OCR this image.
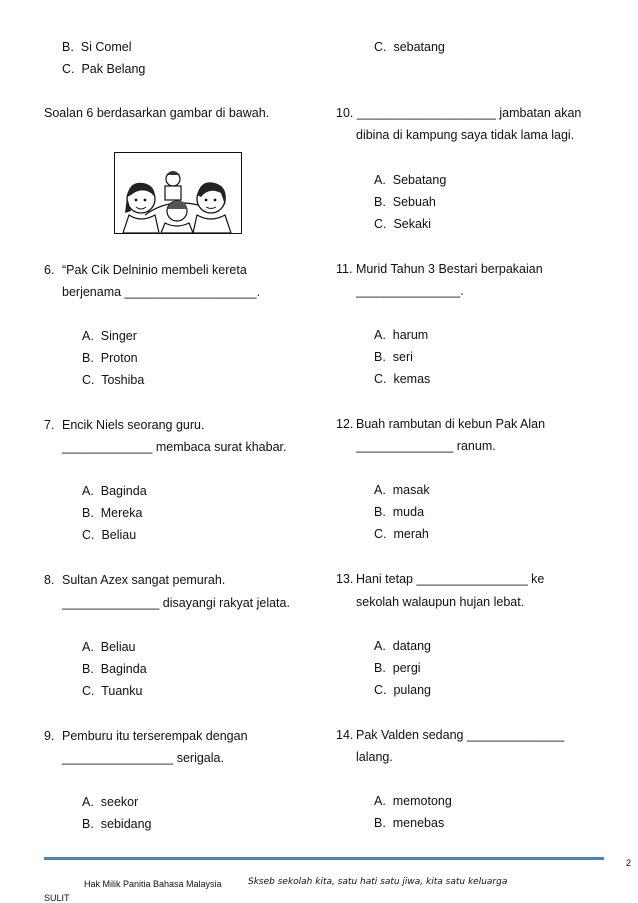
B. Si Comel
C. Pak Belang
Soalan 6 berdasarkan gambar di bawah.
6. “Pak Cik Delninio membeli kereta
berjenama ___________________.
A. Singer
B. Proton
C. Toshiba
7. Encik Niels seorang guru.
_____________ membaca surat khabar.
A. Baginda
B. Mereka
C. Beliau
8. Sultan Azex sangat pemurah.
______________ disayangi rakyat jelata.
A. Beliau
B. Baginda
C. Tuanku
9. Pemburu itu terserempak dengan
________________ serigala.
A. seekor
B. sebidang
C. sebatang
10. ____________________ jambatan akan
dibina di kampung saya tidak lama lagi.
A. Sebatang
B. Sebuah
C. Sekaki
11. Murid Tahun 3 Bestari berpakaian
_______________.
A. harum
B. seri
C. kemas
12. Buah rambutan di kebun Pak Alan
______________ ranum.
A. masak
B. muda
C. merah
13. Hani tetap ________________ ke
sekolah walaupun hujan lebat.
A. datang
B. pergi
C. pulang
14. Pak Valden sedang ______________
lalang.
A. memotong
B. menebas
2
Hak Milik Panitia Bahasa Malaysia	Skseb sekolah kita, satu hati satu jiwa, kita satu keluarga
SULIT
